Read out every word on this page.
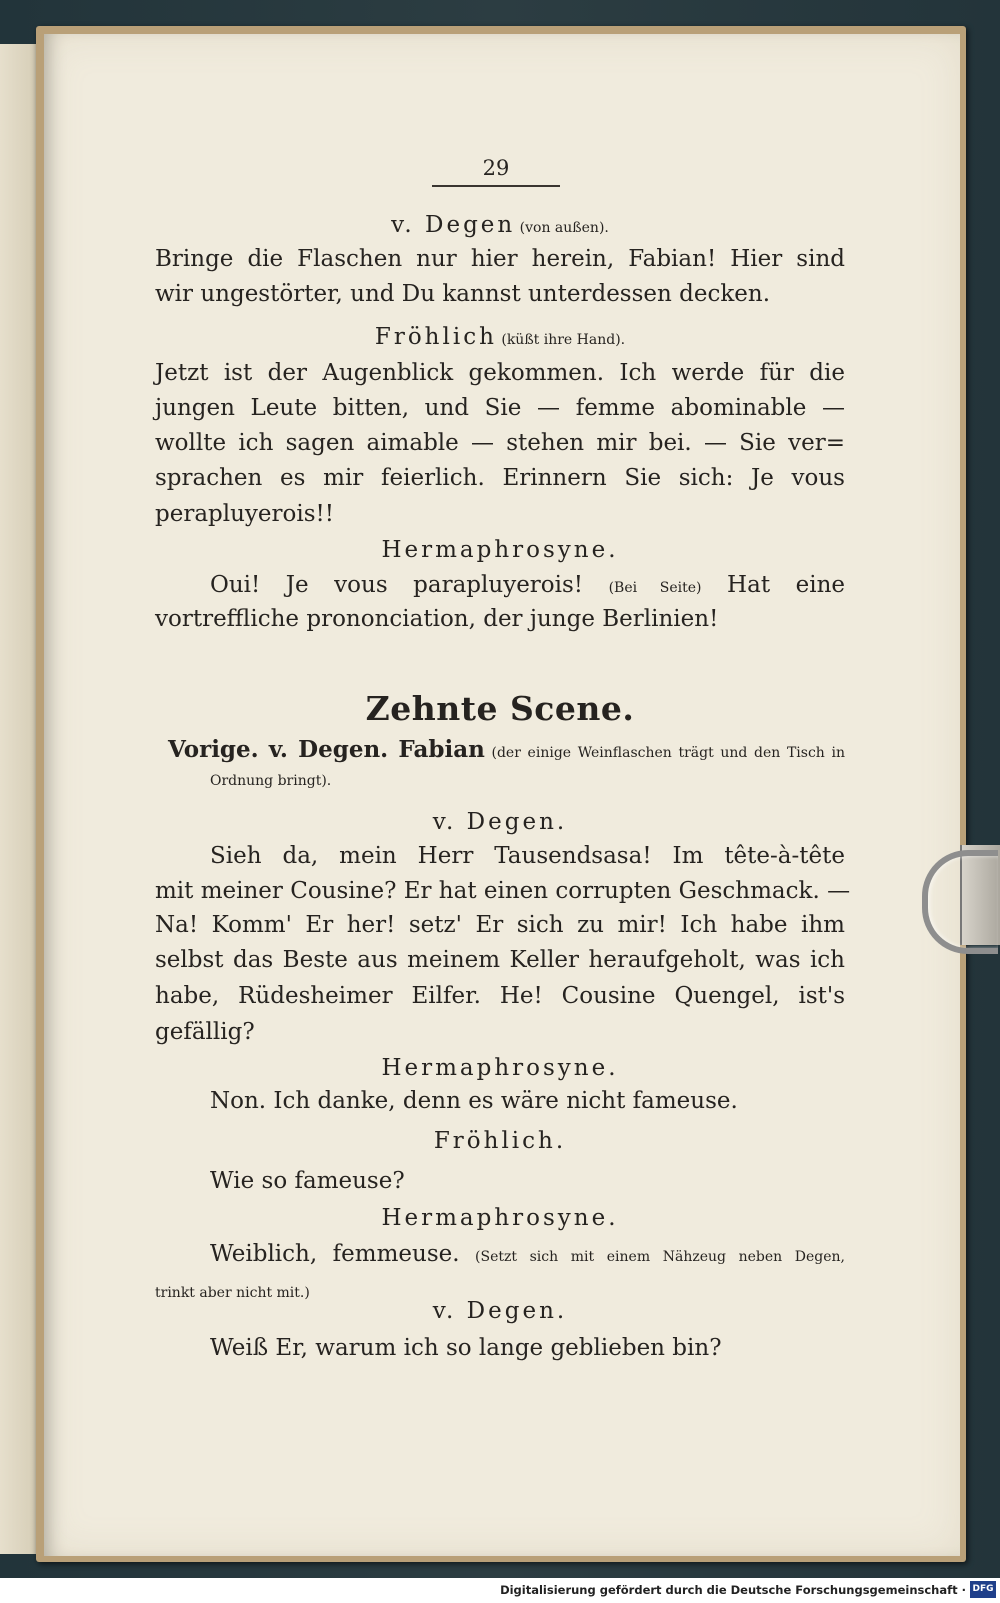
29
v. Degen (von außen).
Bringe die Flaschen nur hier herein, Fabian! Hier sind
wir ungestörter, und Du kannst unterdessen decken.
Fröhlich (küßt ihre Hand).
Jetzt ist der Augenblick gekommen. Ich werde für die
jungen Leute bitten, und Sie — femme abominable —
wollte ich sagen aimable — stehen mir bei. — Sie ver=
sprachen es mir feierlich. Erinnern Sie sich: Je vous
perapluyerois!!
Hermaphrosyne.
Oui! Je vous parapluyerois! (Bei Seite) Hat eine
vortreffliche prononciation, der junge Berlinien!
Zehnte Scene.
Vorige. v. Degen. Fabian (der einige Weinflaschen trägt und den Tisch in
Ordnung bringt).
v. Degen.
Sieh da, mein Herr Tausendsasa! Im tête-à-tête
mit meiner Cousine? Er hat einen corrupten Geschmack. —
Na! Komm' Er her! setz' Er sich zu mir! Ich habe ihm
selbst das Beste aus meinem Keller heraufgeholt, was ich
habe, Rüdesheimer Eilfer. He! Cousine Quengel, ist's
gefällig?
Hermaphrosyne.
Non. Ich danke, denn es wäre nicht fameuse.
Fröhlich.
Wie so fameuse?
Hermaphrosyne.
Weiblich, femmeuse. (Setzt sich mit einem Nähzeug neben Degen,
trinkt aber nicht mit.)
v. Degen.
Weiß Er, warum ich so lange geblieben bin?
Digitalisierung gefördert durch die Deutsche Forschungsgemeinschaft · DFG
